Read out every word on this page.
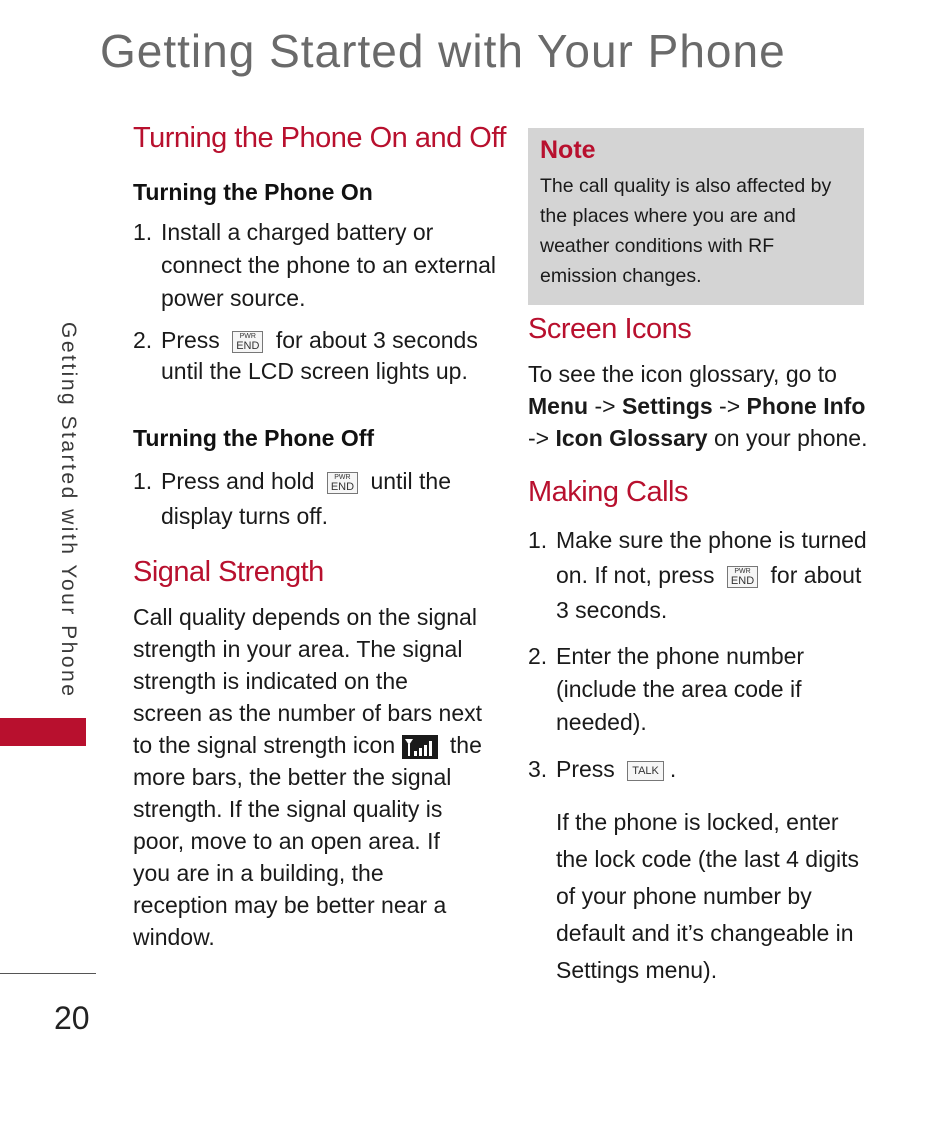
Getting Started with Your Phone
Getting Started with Your Phone
20
Turning the Phone On and Off
Turning the Phone On
1. Install a charged battery or connect the phone to an external power source.
2. Press	PWR
END for about 3 seconds until the LCD screen lights up.
Turning the Phone Off
1. Press and hold	PWR
END until the display turns off.
Signal Strength
Call quality depends on the signal strength in your area. The signal strength is indicated on the screen as the number of bars next to the signal strength icon the more bars, the better the signal strength. If the signal quality is poor, move to an open area. If you are in a building, the reception may be better near a window.
Note
The call quality is also affected by the places where you are and weather conditions with RF emission changes.
Screen Icons
To see the icon glossary, go to
Menu -> Settings -> Phone Info
-> Icon Glossary on your phone.
Making Calls
1. Make sure the phone is turned on. If not, press	PWR
END for about 3 seconds.
2. Enter the phone number (include the area code if needed).
3. Press TALK .
If the phone is locked, enter the lock code (the last 4 digits of your phone number by default and it’s changeable in Settings menu).
